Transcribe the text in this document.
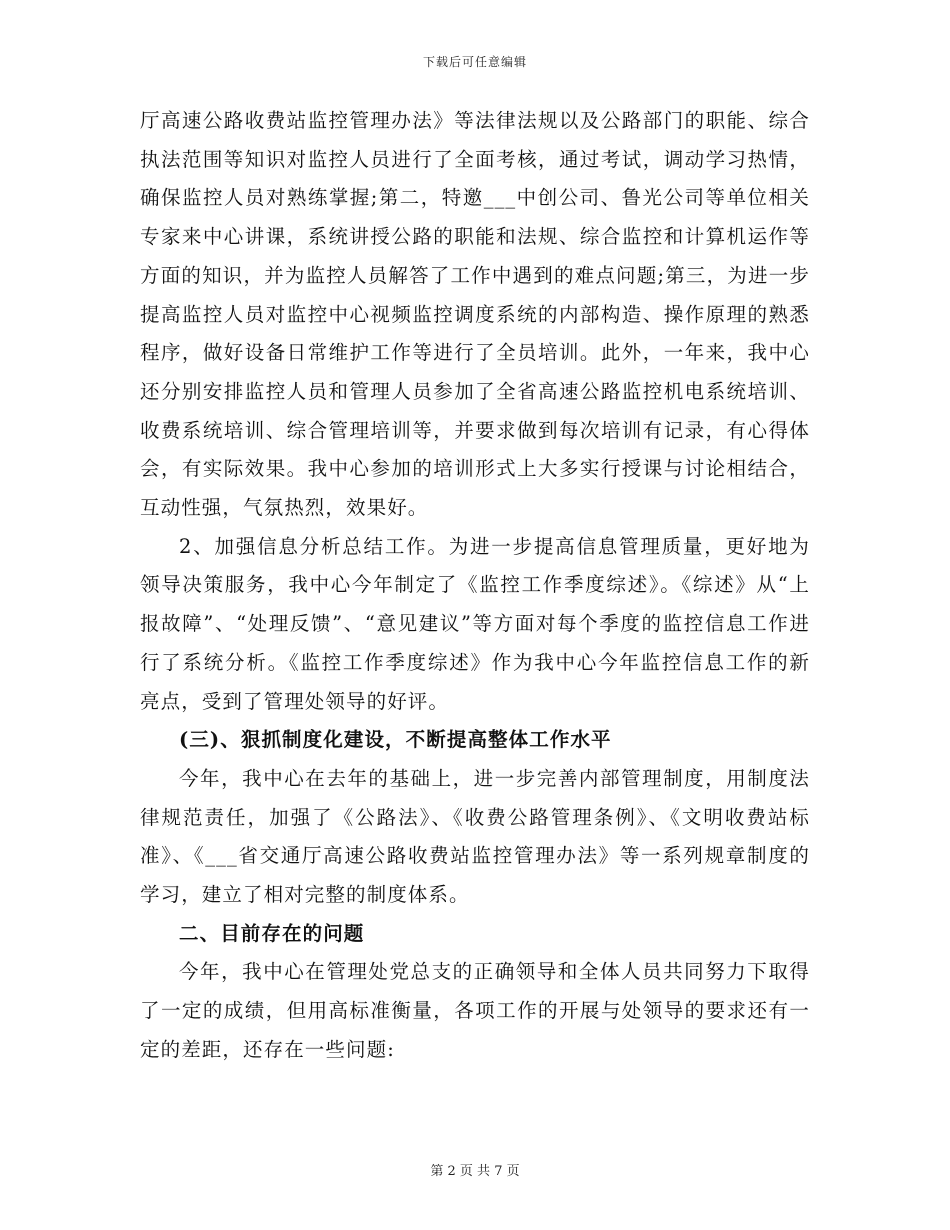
下载后可任意编辑

厅高速公路收费站监控管理办法》等法律法规以及公路部门的职能、综合执法范围等知识对监控人员进行了全面考核，通过考试，调动学习热情，确保监控人员对熟练掌握;第二，特邀___中创公司、鲁光公司等单位相关专家来中心讲课，系统讲授公路的职能和法规、综合监控和计算机运作等方面的知识，并为监控人员解答了工作中遇到的难点问题;第三，为进一步提高监控人员对监控中心视频监控调度系统的内部构造、操作原理的熟悉程序，做好设备日常维护工作等进行了全员培训。此外，一年来，我中心还分别安排监控人员和管理人员参加了全省高速公路监控机电系统培训、收费系统培训、综合管理培训等，并要求做到每次培训有记录，有心得体会，有实际效果。我中心参加的培训形式上大多实行授课与讨论相结合，互动性强，气氛热烈，效果好。

2、加强信息分析总结工作。为进一步提高信息管理质量，更好地为领导决策服务，我中心今年制定了《监控工作季度综述》。《综述》从“上报故障”、“处理反馈”、“意见建议”等方面对每个季度的监控信息工作进行了系统分析。《监控工作季度综述》作为我中心今年监控信息工作的新亮点，受到了管理处领导的好评。

(三)、狠抓制度化建设，不断提高整体工作水平

今年，我中心在去年的基础上，进一步完善内部管理制度，用制度法律规范责任，加强了《公路法》、《收费公路管理条例》、《文明收费站标准》、《___省交通厅高速公路收费站监控管理办法》等一系列规章制度的学习，建立了相对完整的制度体系。

二、目前存在的问题

今年，我中心在管理处党总支的正确领导和全体人员共同努力下取得了一定的成绩，但用高标准衡量，各项工作的开展与处领导的要求还有一定的差距，还存在一些问题:

第 2 页 共 7 页
